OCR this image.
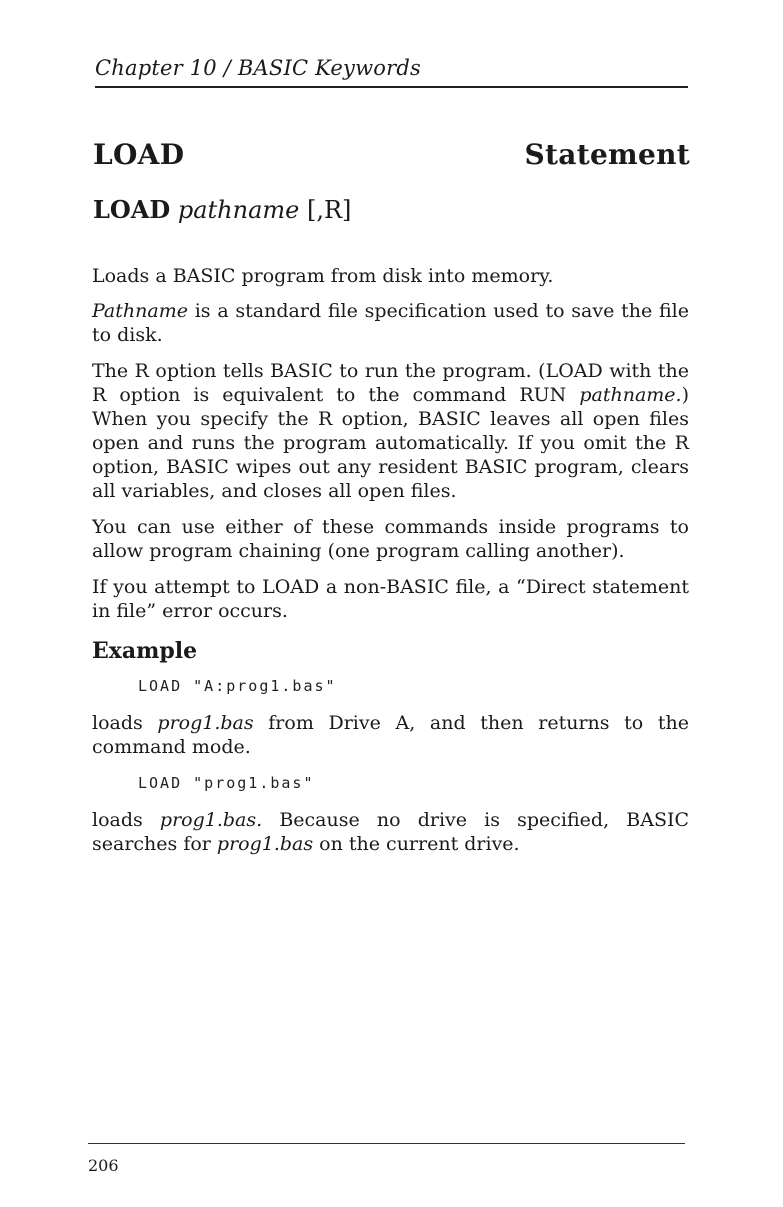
Chapter 10 / BASIC Keywords
LOAD	Statement
LOAD pathname [,R]

Loads a BASIC program from disk into memory.

Pathname is a standard file specification used to save the file to disk.

The R option tells BASIC to run the program. (LOAD with the R option is equivalent to the command RUN pathname.) When you specify the R option, BASIC leaves all open files open and runs the program automatically. If you omit the R option, BASIC wipes out any resident BASIC program, clears all variables, and closes all open files.

You can use either of these commands inside programs to allow program chaining (one program calling another).

If you attempt to LOAD a non-BASIC file, a “Direct statement in file” error occurs.

Example
LOAD "A:prog1.bas"

loads prog1.bas from Drive A, and then returns to the command mode.

LOAD "prog1.bas"

loads prog1.bas. Because no drive is specified, BASIC searches for prog1.bas on the current drive.

206
